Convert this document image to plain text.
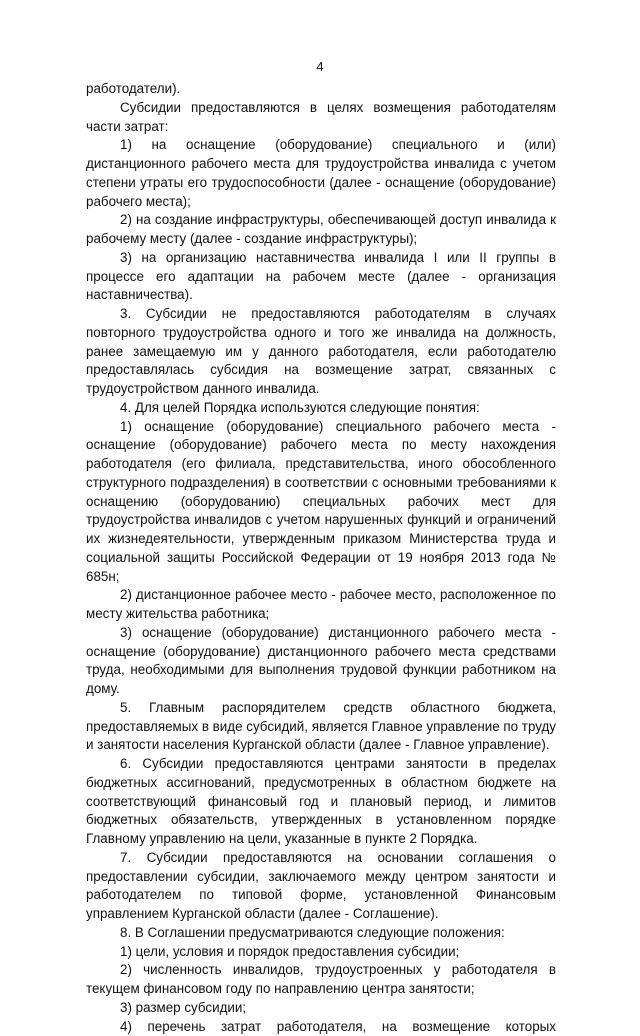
4

работодатели).

Субсидии предоставляются в целях возмещения работодателям части затрат:

1) на оснащение (оборудование) специального и (или) дистанционного рабочего места для трудоустройства инвалида с учетом степени утраты его трудоспособности (далее - оснащение (оборудование) рабочего места);

2) на создание инфраструктуры, обеспечивающей доступ инвалида к рабочему месту (далее - создание инфраструктуры);

3) на организацию наставничества инвалида I или II группы в процессе его адаптации на рабочем месте (далее - организация наставничества).

3. Субсидии не предоставляются работодателям в случаях повторного трудоустройства одного и того же инвалида на должность, ранее замещаемую им у данного работодателя, если работодателю предоставлялась субсидия на возмещение затрат, связанных с трудоустройством данного инвалида.

4. Для целей Порядка используются следующие понятия:

1) оснащение (оборудование) специального рабочего места - оснащение (оборудование) рабочего места по месту нахождения работодателя (его филиала, представительства, иного обособленного структурного подразделения) в соответствии с основными требованиями к оснащению (оборудованию) специальных рабочих мест для трудоустройства инвалидов с учетом нарушенных функций и ограничений их жизнедеятельности, утвержденным приказом Министерства труда и социальной защиты Российской Федерации от 19 ноября 2013 года № 685н;

2) дистанционное рабочее место - рабочее место, расположенное по месту жительства работника;

3) оснащение (оборудование) дистанционного рабочего места - оснащение (оборудование) дистанционного рабочего места средствами труда, необходимыми для выполнения трудовой функции работником на дому.

5. Главным распорядителем средств областного бюджета, предоставляемых в виде субсидий, является Главное управление по труду и занятости населения Курганской области (далее - Главное управление).

6. Субсидии предоставляются центрами занятости в пределах бюджетных ассигнований, предусмотренных в областном бюджете на соответствующий финансовый год и плановый период, и лимитов бюджетных обязательств, утвержденных в установленном порядке Главному управлению на цели, указанные в пункте 2 Порядка.

7. Субсидии предоставляются на основании соглашения о предоставлении субсидии, заключаемого между центром занятости и работодателем по типовой форме, установленной Финансовым управлением Курганской области (далее - Соглашение).

8. В Соглашении предусматриваются следующие положения:

1) цели, условия и порядок предоставления субсидии;

2) численность инвалидов, трудоустроенных у работодателя в текущем финансовом году по направлению центра занятости;

3) размер субсидии;

4) перечень затрат работодателя, на возмещение которых
